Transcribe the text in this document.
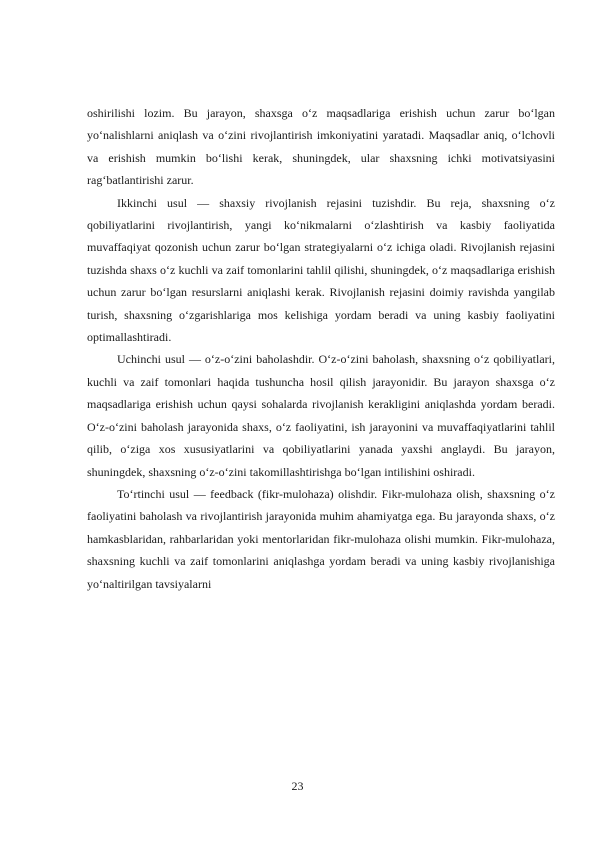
oshirilishi lozim. Bu jarayon, shaxsga o‘z maqsadlariga erishish uchun zarur bo‘lgan yo‘nalishlarni aniqlash va o‘zini rivojlantirish imkoniyatini yaratadi. Maqsadlar aniq, o‘lchovli va erishish mumkin bo‘lishi kerak, shuningdek, ular shaxsning ichki motivatsiyasini rag‘batlantirishi zarur.

Ikkinchi usul — shaxsiy rivojlanish rejasini tuzishdir. Bu reja, shaxsning o‘z qobiliyatlarini rivojlantirish, yangi ko‘nikmalarni o‘zlashtirish va kasbiy faoliyatida muvaffaqiyat qozonish uchun zarur bo‘lgan strategiyalarni o‘z ichiga oladi. Rivojlanish rejasini tuzishda shaxs o‘z kuchli va zaif tomonlarini tahlil qilishi, shuningdek, o‘z maqsadlariga erishish uchun zarur bo‘lgan resurslarni aniqlashi kerak. Rivojlanish rejasini doimiy ravishda yangilab turish, shaxsning o‘zgarishlariga mos kelishiga yordam beradi va uning kasbiy faoliyatini optimallashtiradi.

Uchinchi usul — o‘z-o‘zini baholashdir. O‘z-o‘zini baholash, shaxsning o‘z qobiliyatlari, kuchli va zaif tomonlari haqida tushuncha hosil qilish jarayonidir. Bu jarayon shaxsga o‘z maqsadlariga erishish uchun qaysi sohalarda rivojlanish kerakligini aniqlashda yordam beradi. O‘z-o‘zini baholash jarayonida shaxs, o‘z faoliyatini, ish jarayonini va muvaffaqiyatlarini tahlil qilib, o‘ziga xos xususiyatlarini va qobiliyatlarini yanada yaxshi anglaydi. Bu jarayon, shuningdek, shaxsning o‘z-o‘zini takomillashtirishga bo‘lgan intilishini oshiradi.

To‘rtinchi usul — feedback (fikr-mulohaza) olishdir. Fikr-mulohaza olish, shaxsning o‘z faoliyatini baholash va rivojlantirish jarayonida muhim ahamiyatga ega. Bu jarayonda shaxs, o‘z hamkasblaridan, rahbarlaridan yoki mentorlaridan fikr-mulohaza olishi mumkin. Fikr-mulohaza, shaxsning kuchli va zaif tomonlarini aniqlashga yordam beradi va uning kasbiy rivojlanishiga yo‘naltirilgan tavsiyalarni

23
